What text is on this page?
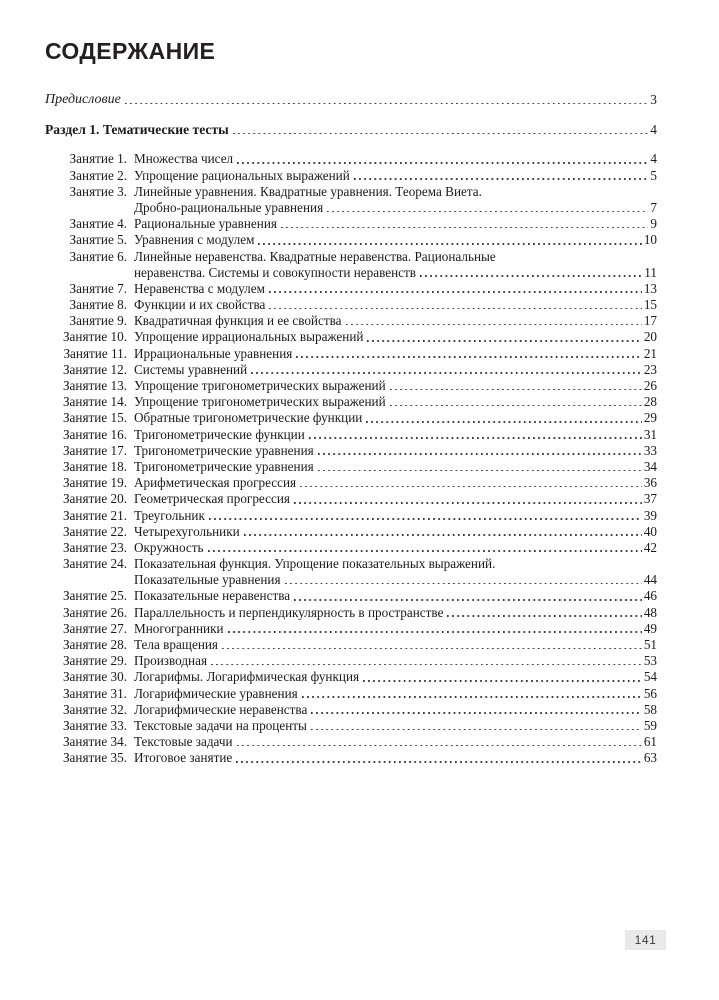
СОДЕРЖАНИЕ
Предисловие	3
Раздел 1. Тематические тесты	4
Занятие 1. Множества чисел	4
Занятие 2. Упрощение рациональных выражений	5
Занятие 3. Линейные уравнения. Квадратные уравнения. Теорема Виета.
Дробно-рациональные уравнения	7
Занятие 4. Рациональные уравнения	9
Занятие 5. Уравнения с модулем	10
Занятие 6. Линейные неравенства. Квадратные неравенства. Рациональные
неравенства. Системы и совокупности неравенств	11
Занятие 7. Неравенства с модулем	13
Занятие 8. Функции и их свойства	15
Занятие 9. Квадратичная функция и ее свойства	17
Занятие 10. Упрощение иррациональных выражений	20
Занятие 11. Иррациональные уравнения	21
Занятие 12. Системы уравнений	23
Занятие 13. Упрощение тригонометрических выражений	26
Занятие 14. Упрощение тригонометрических выражений	28
Занятие 15. Обратные тригонометрические функции	29
Занятие 16. Тригонометрические функции	31
Занятие 17. Тригонометрические уравнения	33
Занятие 18. Тригонометрические уравнения	34
Занятие 19. Арифметическая прогрессия	36
Занятие 20. Геометрическая прогрессия	37
Занятие 21. Треугольник	39
Занятие 22. Четырехугольники	40
Занятие 23. Окружность	42
Занятие 24. Показательная функция. Упрощение показательных выражений.
Показательные уравнения	44
Занятие 25. Показательные неравенства	46
Занятие 26. Параллельность и перпендикулярность в пространстве	48
Занятие 27. Многогранники	49
Занятие 28. Тела вращения	51
Занятие 29. Производная	53
Занятие 30. Логарифмы. Логарифмическая функция	54
Занятие 31. Логарифмические уравнения	56
Занятие 32. Логарифмические неравенства	58
Занятие 33. Текстовые задачи на проценты	59
Занятие 34. Текстовые задачи	61
Занятие 35. Итоговое занятие	63
141
